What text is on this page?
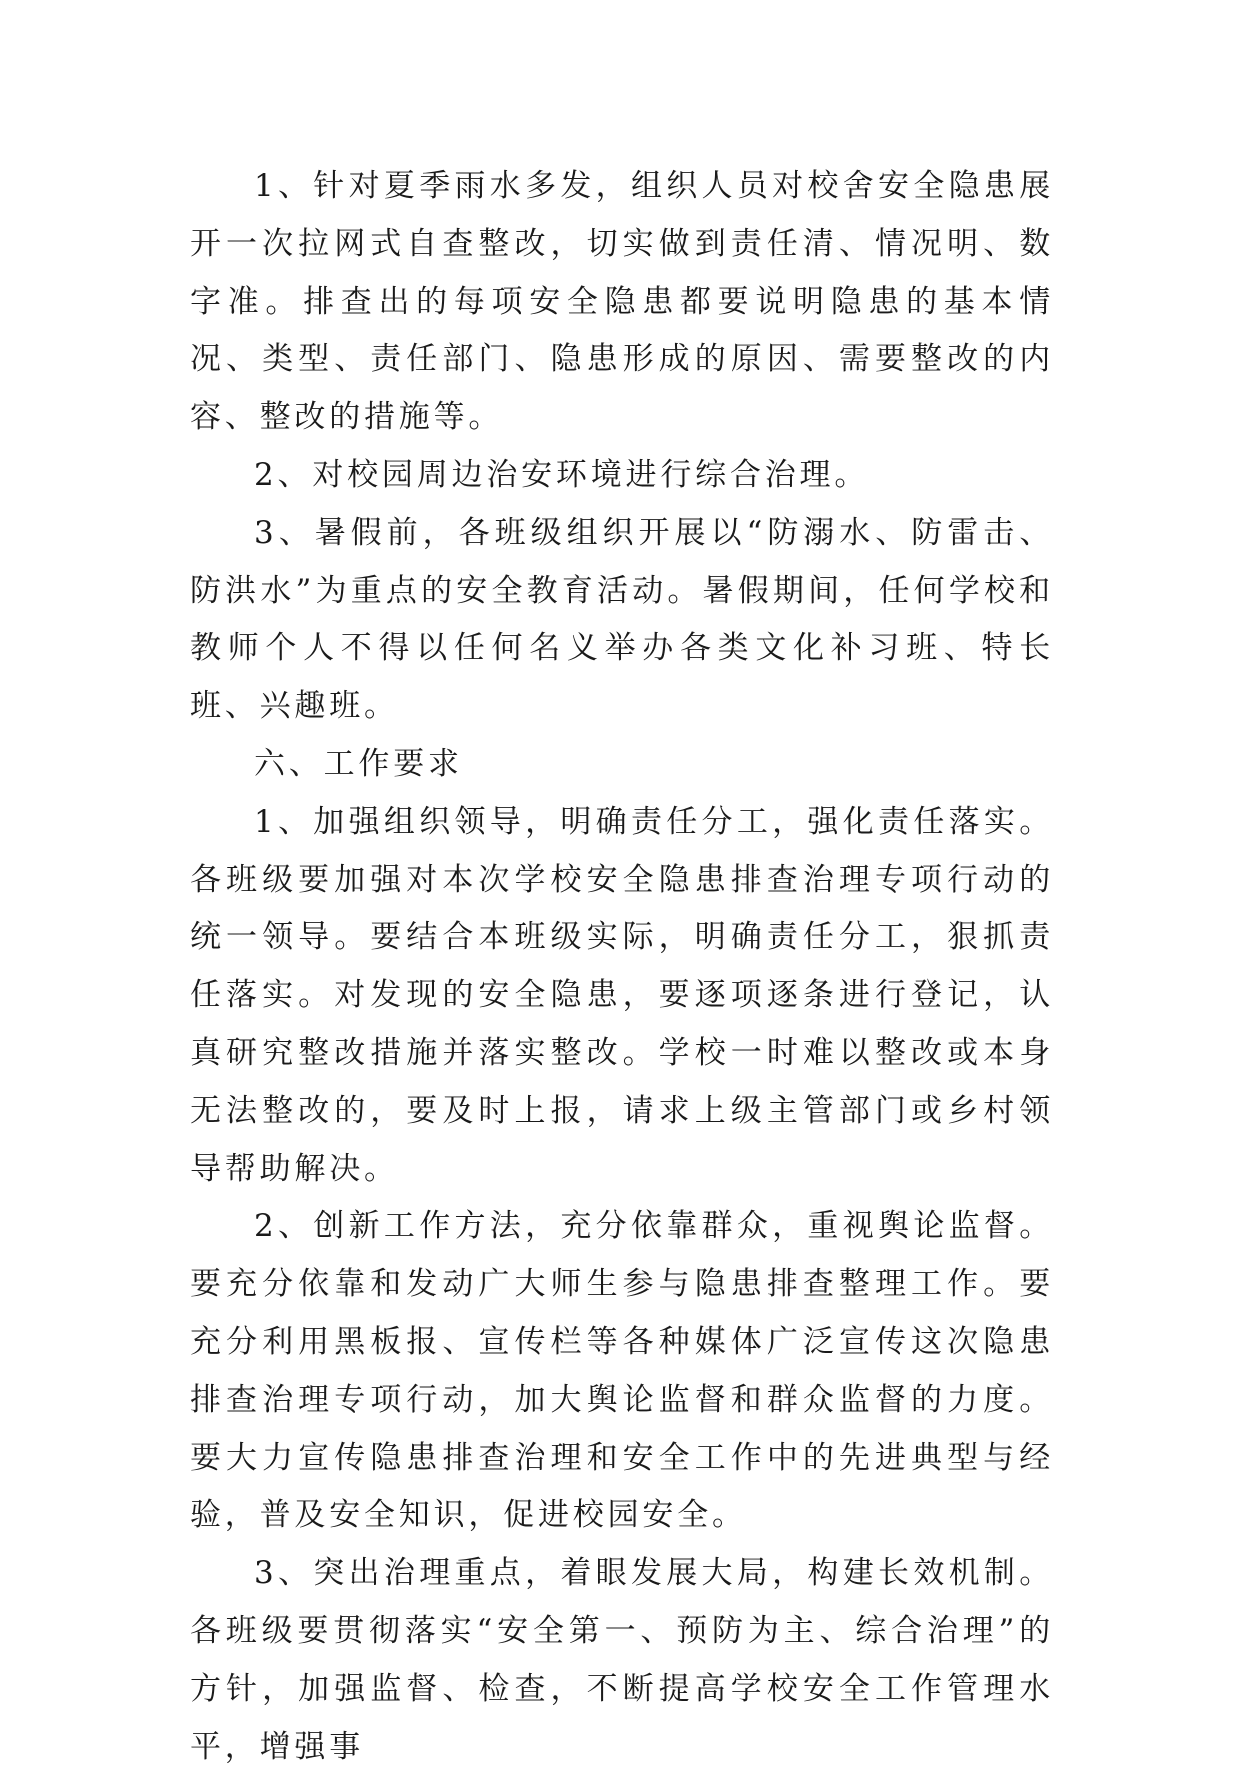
1、针对夏季雨水多发，组织人员对校舍安全隐患展开一次拉网式自查整改，切实做到责任清、情况明、数字准。排查出的每项安全隐患都要说明隐患的基本情况、类型、责任部门、隐患形成的原因、需要整改的内容、整改的措施等。

2、对校园周边治安环境进行综合治理。

3、暑假前，各班级组织开展以“防溺水、防雷击、防洪水”为重点的安全教育活动。暑假期间，任何学校和教师个人不得以任何名义举办各类文化补习班、特长班、兴趣班。

六、工作要求

1、加强组织领导，明确责任分工，强化责任落实。各班级要加强对本次学校安全隐患排查治理专项行动的统一领导。要结合本班级实际，明确责任分工，狠抓责任落实。对发现的安全隐患，要逐项逐条进行登记，认真研究整改措施并落实整改。学校一时难以整改或本身无法整改的，要及时上报，请求上级主管部门或乡村领导帮助解决。

2、创新工作方法，充分依靠群众，重视舆论监督。要充分依靠和发动广大师生参与隐患排查整理工作。要充分利用黑板报、宣传栏等各种媒体广泛宣传这次隐患排查治理专项行动，加大舆论监督和群众监督的力度。要大力宣传隐患排查治理和安全工作中的先进典型与经验，普及安全知识，促进校园安全。

3、突出治理重点，着眼发展大局，构建长效机制。各班级要贯彻落实“安全第一、预防为主、综合治理”的方针，加强监督、检查，不断提高学校安全工作管理水平，增强事
